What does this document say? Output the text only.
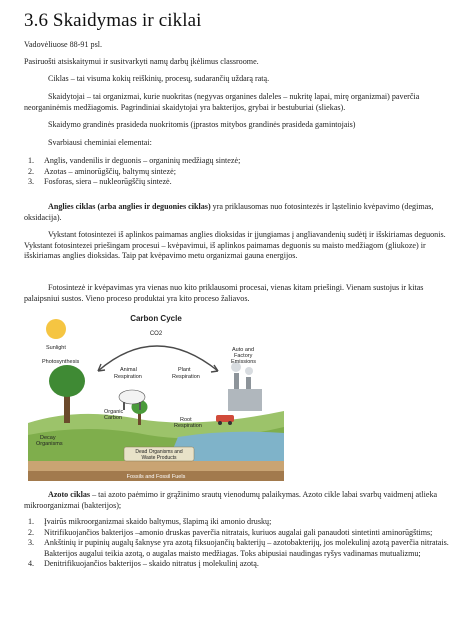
3.6 Skaidymas ir ciklai

Vadovėliuose 88-91 psl.

Pasiruošti atsiskaitymui ir susitvarkyti namų darbų įkėlimus classroome.

Ciklas – tai visuma kokių reiškinių, procesų, sudarančių uždarą ratą.

Skaidytojai – tai organizmai, kurie nuokritas (negyvas organines daleles – nukritę lapai, mirę organizmai) paverčia neorganinėmis medžiagomis. Pagrindiniai skaidytojai yra bakterijos, grybai ir bestuburiai (sliekas).

Skaidymo grandinės prasideda nuokritomis (įprastos mitybos grandinės prasideda gamintojais)

Svarbiausi cheminiai elementai:

1. Anglis, vandenilis ir deguonis – organinių medžiagų sintezė;
2. Azotas – aminorūgščių, baltymų sintezė;
3. Fosforas, siera – nukleorūgščių sintezė.

Anglies ciklas (arba anglies ir deguonies ciklas) yra priklausomas nuo fotosintezės ir ląstelinio kvėpavimo (degimas, oksidacija).

Vykstant fotosintezei iš aplinkos paimamas anglies dioksidas ir įjungiamas į angliavandenių sudėtį ir išskiriamas deguonis. Vykstant fotosintezei priešingam procesui – kvėpavimui, iš aplinkos paimamas deguonis su maisto medžiagom (gliukoze) ir išskiriamas anglies dioksidas. Taip pat kvėpavimo metu organizmai gauna energijos.

Fotosintezė ir kvėpavimas yra vienas nuo kito priklausomi procesai, vienas kitam priešingi. Vienam sustojus ir kitas palaipsniui sustos. Vieno proceso produktai yra kito proceso žaliavos.

Carbon Cycle
CO2
Sunlight
Photosynthesis
Animal
Respiration
Plant
Respiration
Auto and
Factory
Emissions
Organic
Carbon	Root
Respiration
Decay
Organisms
Dead Organisms and
Waste Products
Fossils and Fossil Fuels

Azoto ciklas – tai azoto paėmimo ir grąžinimo srautų vienodumų palaikymas. Azoto cikle labai svarbų vaidmenį atlieka mikroorganizmai (bakterijos);

1. Įvairūs mikroorganizmai skaido baltymus, šlapimą iki amonio druskų;
2. Nitrifikuojančios bakterijos –amonio druskas paverčia nitratais, kuriuos augalai gali panaudoti sintetinti aminorūgštims;
3. Ankštinių ir pupinių augalų šaknyse yra azotą fiksuojančių bakterijų – azotobakterijų, jos molekulinį azotą paverčia nitratais. Bakterijos augalui teikia azotą, o augalas maisto medžiagas. Toks abipusiai naudingas ryšys vadinamas mutualizmu;
4. Denitrifikuojančios bakterijos – skaido nitratus į molekulinį azotą.
